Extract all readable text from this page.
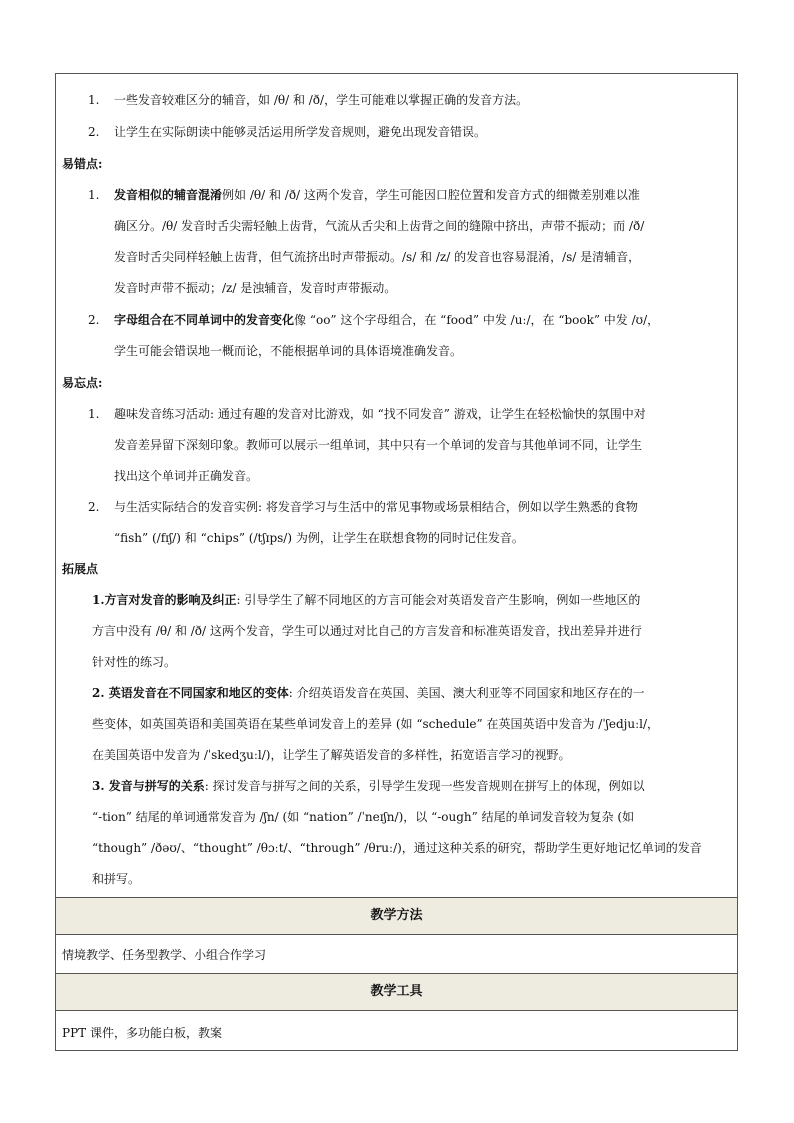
1. 一些发音较难区分的辅音，如 /θ/ 和 /ð/，学生可能难以掌握正确的发音方法。
2. 让学生在实际朗读中能够灵活运用所学发音规则，避免出现发音错误。
易错点:
1. 发音相似的辅音混淆例如 /θ/ 和 /ð/ 这两个发音，学生可能因口腔位置和发音方式的细微差别难以准
确区分。/θ/ 发音时舌尖需轻触上齿背，气流从舌尖和上齿背之间的缝隙中挤出，声带不振动；而 /ð/
发音时舌尖同样轻触上齿背，但气流挤出时声带振动。/s/ 和 /z/ 的发音也容易混淆，/s/ 是清辅音，
发音时声带不振动；/z/ 是浊辅音，发音时声带振动。
2. 字母组合在不同单词中的发音变化像 “oo” 这个字母组合，在 “food” 中发 /uː/，在 “book” 中发 /ʊ/，
学生可能会错误地一概而论，不能根据单词的具体语境准确发音。
易忘点:
1. 趣味发音练习活动: 通过有趣的发音对比游戏，如 “找不同发音” 游戏，让学生在轻松愉快的氛围中对
发音差异留下深刻印象。教师可以展示一组单词，其中只有一个单词的发音与其他单词不同，让学生
找出这个单词并正确发音。
2. 与生活实际结合的发音实例: 将发音学习与生活中的常见事物或场景相结合，例如以学生熟悉的食物
“fish” (/fɪʃ/) 和 “chips” (/tʃɪps/) 为例，让学生在联想食物的同时记住发音。
拓展点
1.方言对发音的影响及纠正: 引导学生了解不同地区的方言可能会对英语发音产生影响，例如一些地区的
方言中没有 /θ/ 和 /ð/ 这两个发音，学生可以通过对比自己的方言发音和标准英语发音，找出差异并进行
针对性的练习。
2. 英语发音在不同国家和地区的变体: 介绍英语发音在英国、美国、澳大利亚等不同国家和地区存在的一
些变体，如英国英语和美国英语在某些单词发音上的差异 (如 “schedule” 在英国英语中发音为 /ˈʃedjuːl/，
在美国英语中发音为 /ˈskedʒuːl/)，让学生了解英语发音的多样性，拓宽语言学习的视野。
3. 发音与拼写的关系: 探讨发音与拼写之间的关系，引导学生发现一些发音规则在拼写上的体现，例如以
“-tion” 结尾的单词通常发音为 /ʃn/ (如 “nation” /ˈneɪʃn/)，以 “-ough” 结尾的单词发音较为复杂 (如
“though” /ðəʊ/、“thought” /θɔːt/、“through” /θruː/)，通过这种关系的研究，帮助学生更好地记忆单词的发音
和拼写。
教学方法
情境教学、任务型教学、小组合作学习
教学工具
PPT 课件，多功能白板，教案
